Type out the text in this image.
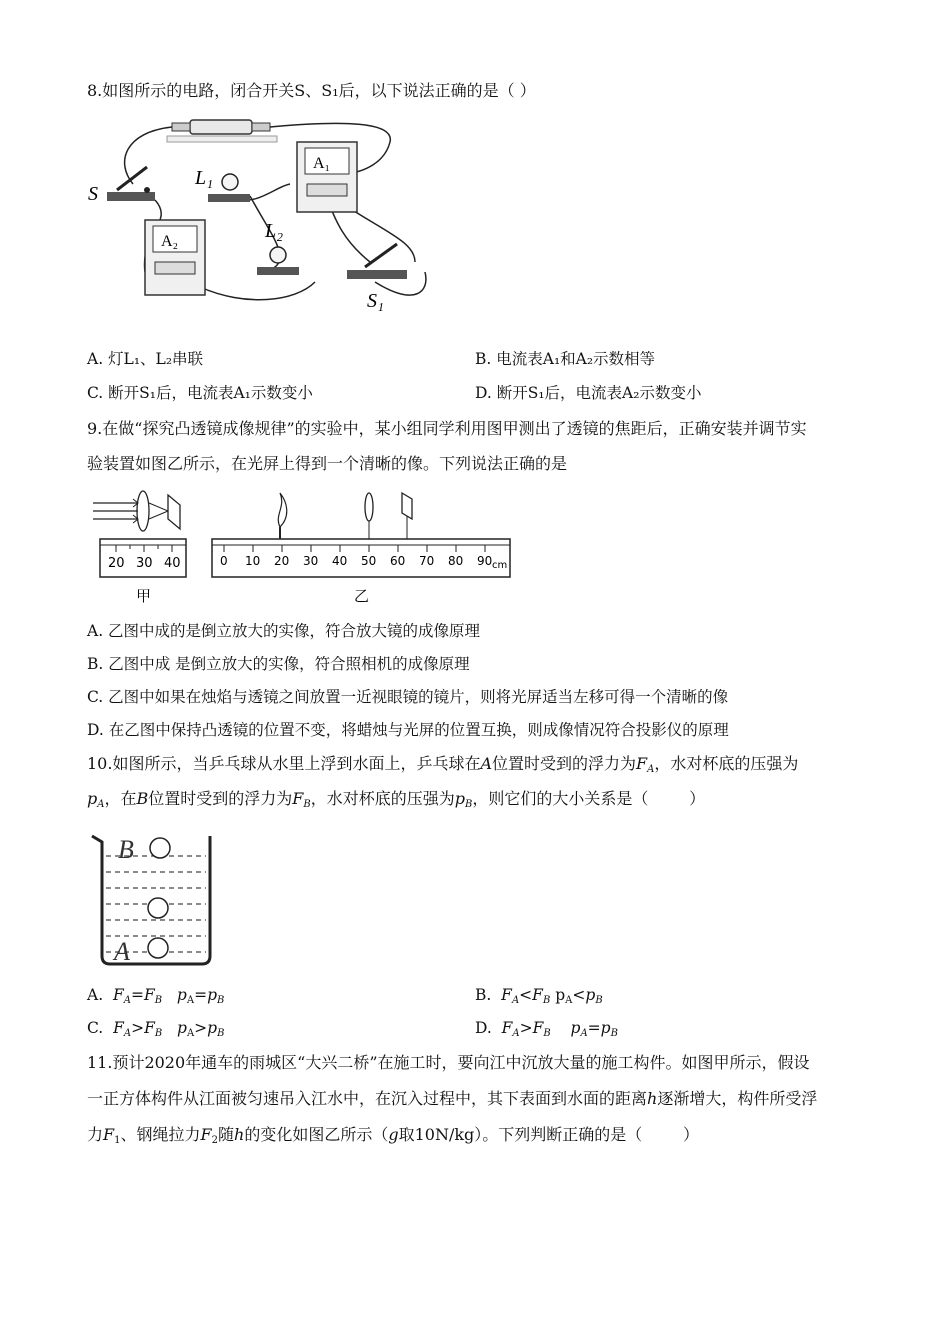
8.如图所示的电路，闭合开关S、S₁后，以下说法正确的是（ ）
S
L₁
A₁
A₂	L₂
S₁
A. 灯L₁、L₂串联	B. 电流表A₁和A₂示数相等
C. 断开S₁后，电流表A₁示数变小	D. 断开S₁后，电流表A₂示数变小
9.在做“探究凸透镜成像规律”的实验中，某小组同学利用图甲测出了透镜的焦距后，正确安装并调节实
验装置如图乙所示，在光屏上得到一个清晰的像。下列说法正确的是
20 30 40
甲
0 10 20 30 40 50 60 70 80 90 cm
乙
A. 乙图中成的是倒立放大的实像，符合放大镜的成像原理
B. 乙图中成 是倒立放大的实像，符合照相机的成像原理
C. 乙图中如果在烛焰与透镜之间放置一近视眼镜的镜片，则将光屏适当左移可得一个清晰的像
D. 在乙图中保持凸透镜的位置不变，将蜡烛与光屏的位置互换，则成像情况符合投影仪的原理
10.如图所示，当乒乓球从水里上浮到水面上，乒乓球在A位置时受到的浮力为$F_A$，水对杯底的压强为
$p_A$，在B位置时受到的浮力为$F_B$，水对杯底的压强为$p_B$，则它们的大小关系是（        ）
B
A
A.  $F_A=F_B$ $p_A=p_B$	B.  $F_A<F_B$ $p_A<p_B$
C.  $F_A>F_B$ $p_A>p_B$	D.  $F_A>F_B$ $p_A=p_B$
11.预计2020年通车的雨城区“大兴二桥”在施工时，要向江中沉放大量的施工构件。如图甲所示，假设
一正方体构件从江面被匀速吊入江水中，在沉入过程中，其下表面到水面的距离h逐渐增大，构件所受浮
力$F_1$、钢绳拉力$F_2$随h的变化如图乙所示（g取10N/kg）。下列判断正确的是（        ）
